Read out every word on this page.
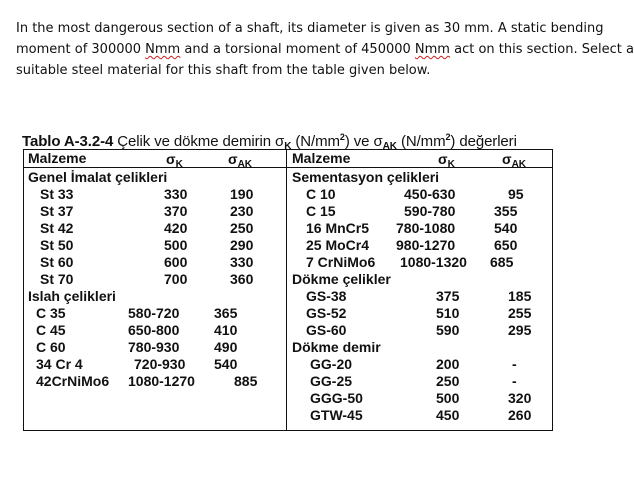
In the most dangerous section of a shaft, its diameter is given as 30 mm. A static bending
moment of 300000 Nmm and a torsional moment of 450000 Nmm act on this section. Select a
suitable steel material for this shaft from the table given below.
Tablo A-3.2-4 Çelik ve dökme demirin $\sigma_K$ $(N/mm^2)$ ve $\sigma_{AK}$ $(N/mm^2)$ değerleri
Malzeme	$\sigma_K$	$\sigma_{AK}$	Malzeme	$\sigma_K$	$\sigma_{AK}$
Genel İmalat çelikleri
St 33	330	190
St 37	370	230
St 42	420	250
St 50	500	290
St 60	600	330
St 70	700	360
Islah çelikleri
C 35	580-720 365
C 45	650-800 410
C 60	780-930 490
34 Cr 4	720-930 540
42CrNiMo6 1080-1270	885
Sementasyon çelikleri
C 10	450-630	95
C 15	590-780	355
16 MnCr5 780-1080	540
25 MoCr4 980-1270	650
7 CrNiMo6 1080-1320 685
Dökme çelikler
GS-38	375	185
GS-52	510	255
GS-60	590	295
Dökme demir
GG-20	200	-
GG-25	250	-
GGG-50	500	320
GTW-45	450	260
